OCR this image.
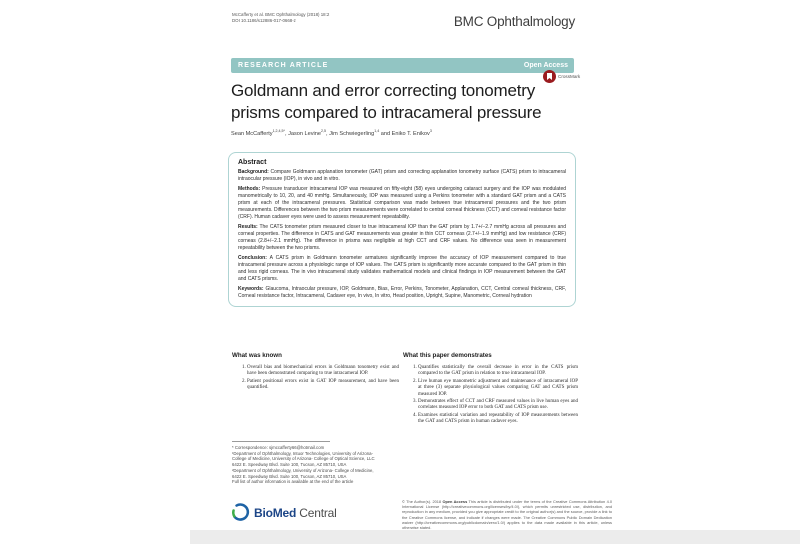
McCafferty et al. BMC Ophthalmology (2018) 18:2
DOI 10.1186/s12886-017-0668-z	BMC Ophthalmology
RESEARCH ARTICLE	Open Access
Goldmann and error correcting tonometry prisms compared to intracameral pressure
CrossMark
Sean McCafferty$^{1,2,4,5*}$, Jason Levine$^{2,5}$, Jim Schwiegerling$^{1,4}$ and Eniko T. Enikov$^3$
Abstract

Background: Compare Goldmann applanation tonometer (GAT) prism and correcting applanation tonometry surface (CATS) prism to intracameral intraocular pressure (IOP), in vivo and in vitro.

Methods: Pressure transducer intracameral IOP was measured on fifty-eight (58) eyes undergoing cataract surgery and the IOP was modulated manometrically to 10, 20, and 40 mmHg. Simultaneously, IOP was measured using a Perkins tonometer with a standard GAT prism and a CATS prism at each of the intracameral pressures. Statistical comparison was made between true intracameral pressures and the two prism measurements. Differences between the two prism measurements were correlated to central corneal thickness (CCT) and corneal resistance factor (CRF). Human cadaver eyes were used to assess measurement repeatability.

Results: The CATS tonometer prism measured closer to true intracameral IOP than the GAT prism by 1.7+/−2.7 mmHg across all pressures and corneal properties. The difference in CATS and GAT measurements was greater in thin CCT corneas (2.7+/−1.9 mmHg) and low resistance (CRF) corneas (2.8+/−2.1 mmHg). The difference in prisms was negligible at high CCT and CRF values. No difference was seen in measurement repeatability between the two prisms.

Conclusion: A CATS prism in Goldmann tonometer armatures significantly improve the accuracy of IOP measurement compared to true intracameral pressure across a physiologic range of IOP values. The CATS prism is significantly more accurate compared to the GAT prism in thin and less rigid corneas. The in vivo intracameral study validates mathematical models and clinical findings in IOP measurement between the GAT and CATS prisms.

Keywords: Glaucoma, Intraocular pressure, IOP, Goldmann, Bias, Error, Perkins, Tonometer, Applanation, CCT, Central corneal thickness, CRF, Corneal resistance factor, Intracameral, Cadaver eye, In vivo, In vitro, Head position, Upright, Supine, Manometric, Corneal hydration

What was known
1. Overall bias and biomechanical errors in Goldmann tonometry exist and have been demonstrated comparing to true intracameral IOP.
2. Patient positional errors exist in GAT IOP measurement, and have been quantified.
What this paper demonstrates
1. Quantifies statistically the overall decrease in error in the CATS prism compared to the GAT prism in relation to true intracameral IOP.
2. Live human eye manometric adjustment and maintenance of intracameral IOP at three (3) separate physiological values comparing GAT and CATS prism measured IOP.
3. Demonstrates effect of CCT and CRF measured values in live human eyes and correlates measured IOP error to both GAT and CATS prism use.
4. Examines statistical variation and repeatability of IOP measurements between the GAT and CATS prism in human cadaver eyes.
* Correspondence: sjmccafferty66@hotmail.com
¹Department of Ophthalmology, Intuor Technologies, University of Arizona-
College of Medicine, University of Arizona- College of Optical Science, LLC
6422 E. Speedway Blvd. Suite 100, Tucson, AZ 85710, USA
²Department of Ophthalmology, University of Arizona- College of Medicine,
6422 E. Speedway Blvd. Suite 100, Tucson, AZ 85710, USA
Full list of author information is available at the end of the article
BioMed Central
© The Author(s). 2018 Open Access This article is distributed under the terms of the Creative Commons Attribution 4.0 International License (http://creativecommons.org/licenses/by/4.0/), which permits unrestricted use, distribution, and reproduction in any medium, provided you give appropriate credit to the original author(s) and the source, provide a link to the Creative Commons license, and indicate if changes were made. The Creative Commons Public Domain Dedication waiver (http://creativecommons.org/publicdomain/zero/1.0/) applies to the data made available in this article, unless otherwise stated.
